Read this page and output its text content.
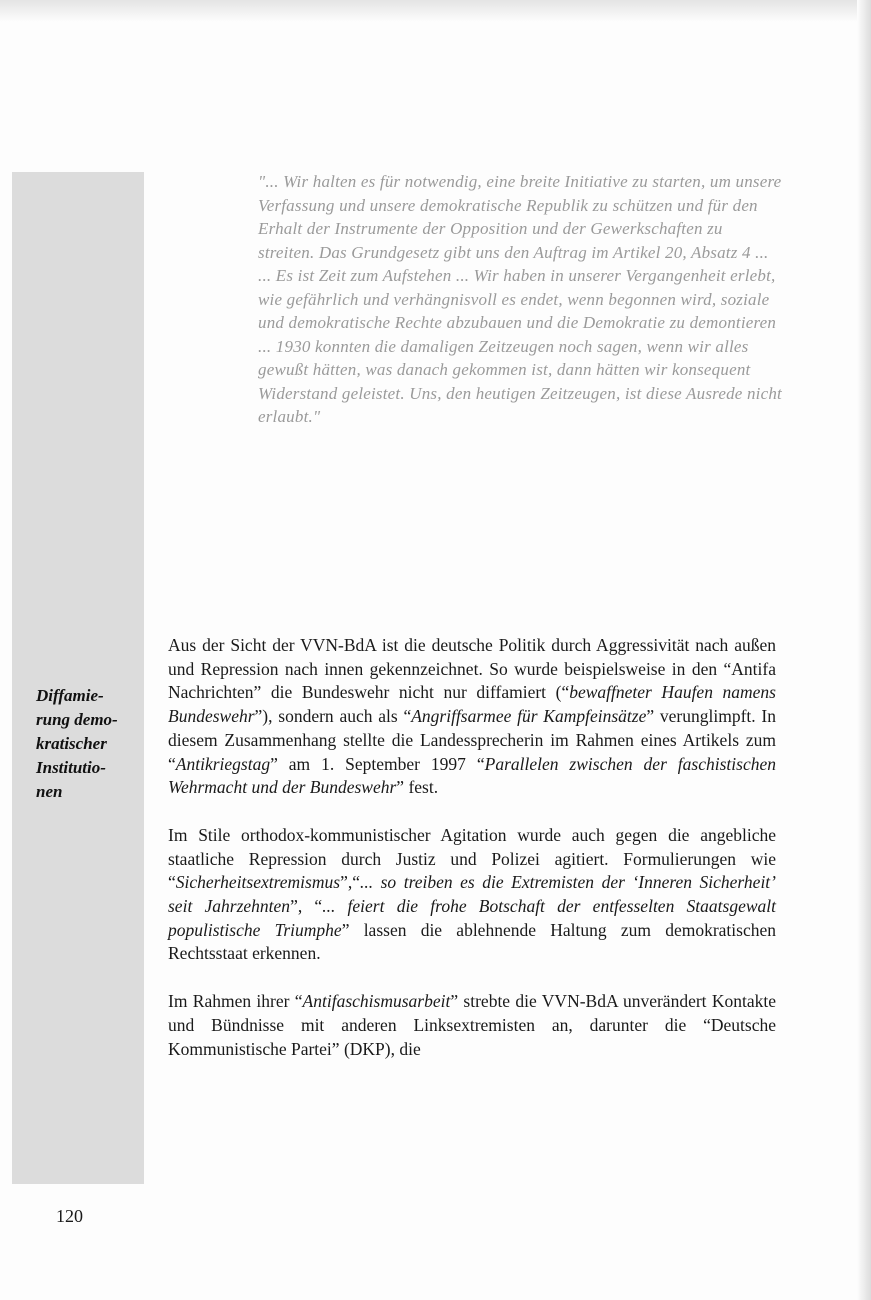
"... Wir halten es für notwendig, eine breite Initiative zu starten, um unsere Verfassung und unsere demokratische Republik zu schützen und für den Erhalt der Instrumente der Opposition und der Gewerkschaften zu streiten. Das Grundgesetz gibt uns den Auftrag im Artikel 20, Absatz 4 ...

... Es ist Zeit zum Aufstehen ... Wir haben in unserer Vergangenheit erlebt, wie gefährlich und verhängnisvoll es endet, wenn begonnen wird, soziale und demokratische Rechte abzubauen und die Demokratie zu demontieren ... 1930 konnten die damaligen Zeitzeugen noch sagen, wenn wir alles gewußt hätten, was danach gekommen ist, dann hätten wir konsequent Widerstand geleistet. Uns, den heutigen Zeitzeugen, ist diese Ausrede nicht erlaubt."

Diffamie-
rung demo-
kratischer
Institutio-
nen

Aus der Sicht der VVN-BdA ist die deutsche Politik durch Aggressivität nach außen und Repression nach innen gekennzeichnet. So wurde beispielsweise in den “Antifa Nachrichten” die Bundeswehr nicht nur diffamiert (“bewaffneter Haufen namens Bundeswehr”), sondern auch als “Angriffsarmee für Kampfeinsätze” verunglimpft. In diesem Zusammenhang stellte die Landessprecherin im Rahmen eines Artikels zum “Antikriegstag” am 1. September 1997 “Parallelen zwischen der faschistischen Wehrmacht und der Bundeswehr” fest.

Im Stile orthodox-kommunistischer Agitation wurde auch gegen die angebliche staatliche Repression durch Justiz und Polizei agitiert. Formulierungen wie “Sicherheitsextremismus”,“... so treiben es die Extremisten der ‘Inneren Sicherheit’ seit Jahrzehnten”, “... feiert die frohe Botschaft der entfesselten Staatsgewalt populistische Triumphe” lassen die ablehnende Haltung zum demokratischen Rechtsstaat erkennen.

Im Rahmen ihrer “Antifaschismusarbeit” strebte die VVN-BdA unverändert Kontakte und Bündnisse mit anderen Linksextremisten an, darunter die “Deutsche Kommunistische Partei” (DKP), die

120
